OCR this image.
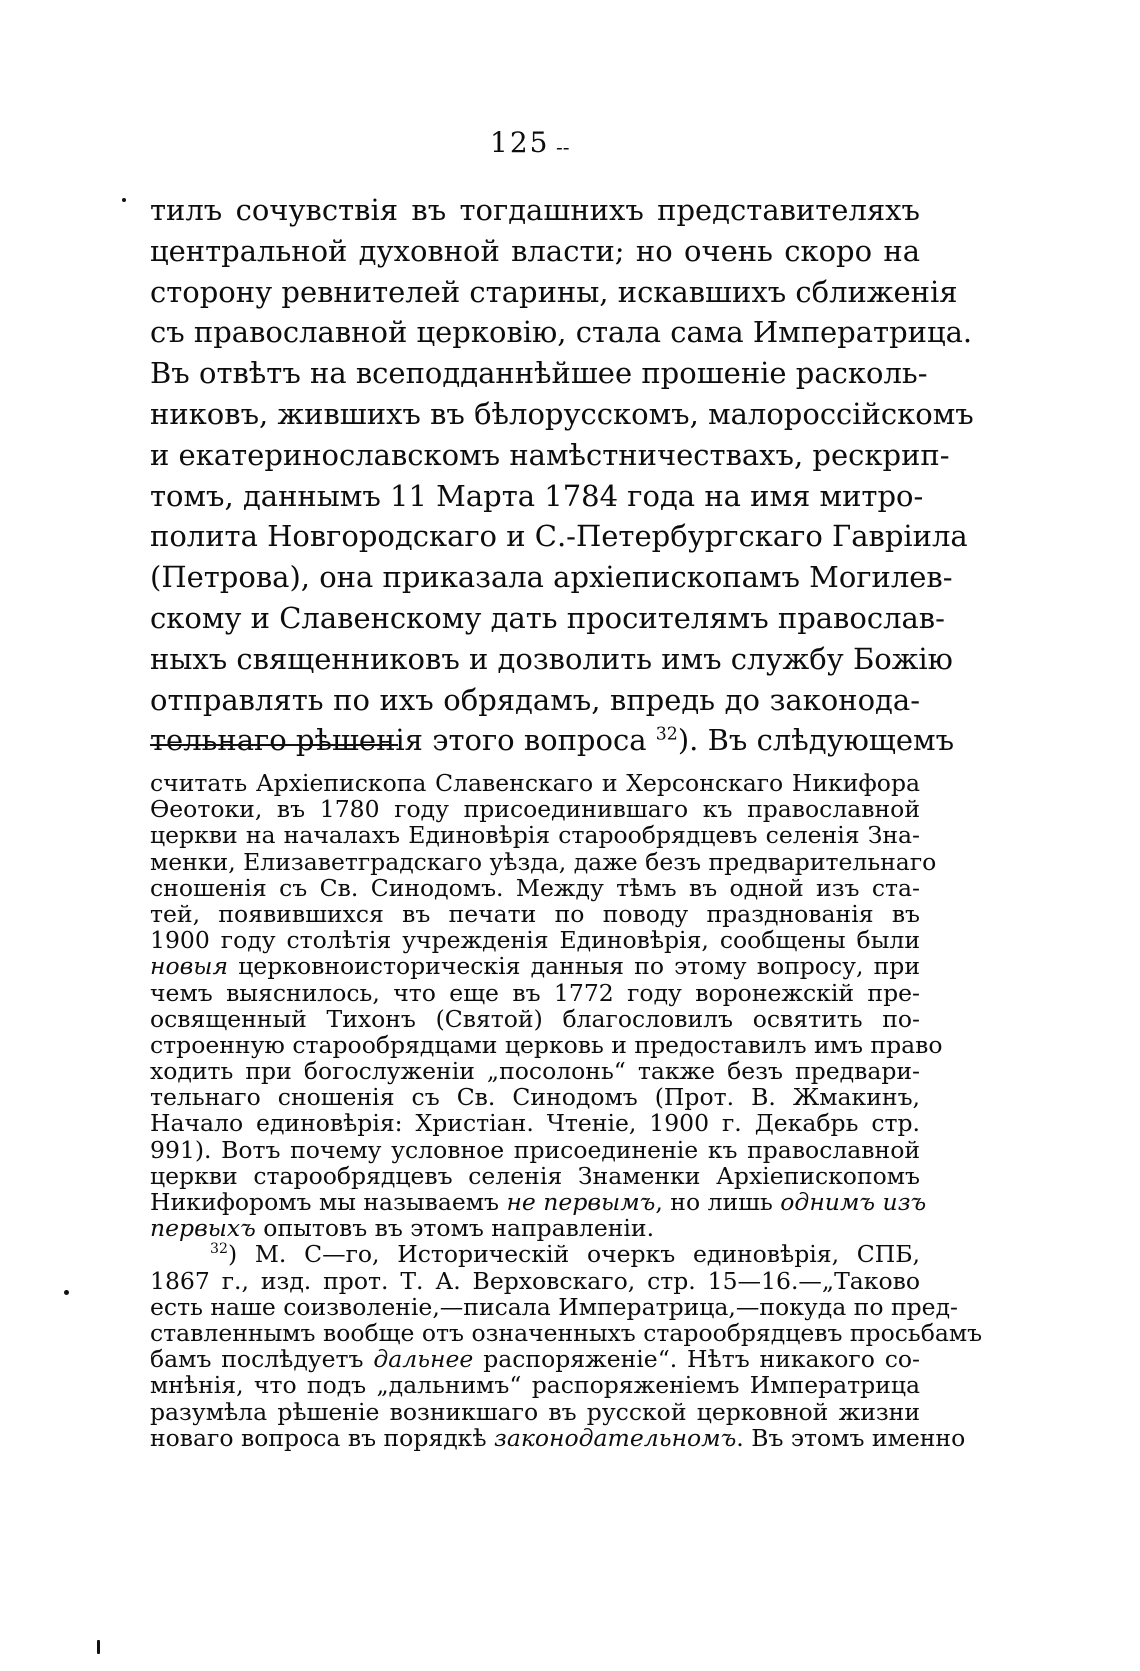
125 --
тилъ сочувствія въ тогдашнихъ представителяхъ
центральной духовной власти; но очень скоро на
сторону ревнителей старины, искавшихъ сближенія
съ православной церковію, стала сама Императрица.
Въ отвѣтъ на всеподданнѣйшее прошеніе расколь-
никовъ, жившихъ въ бѣлорусскомъ, малороссійскомъ
и екатеринославскомъ намѣстничествахъ, рескрип-
томъ, даннымъ 11 Марта 1784 года на имя митро-
полита Новгородскаго и С.-Петербургскаго Гавріила
(Петрова), она приказала архіепископамъ Могилев-
скому и Славенскому дать просителямъ православ-
ныхъ священниковъ и дозволить имъ службу Божію
отправлять по ихъ обрядамъ, впредь до законода-
тельнаго рѣшенія этого вопроса $^{32}$). Въ слѣдующемъ
считать Архіепископа Славенскаго и Херсонскаго Никифора
Ѳеотоки, въ 1780 году присоединившаго къ православной
церкви на началахъ Единовѣрія старообрядцевъ селенія Зна-
менки, Елизаветградскаго уѣзда, даже безъ предварительнаго
сношенія съ Св. Синодомъ. Между тѣмъ въ одной изъ ста-
тей, появившихся въ печати по поводу празднованія въ
1900 году столѣтія учрежденія Единовѣрія, сообщены были
новыя церковноисторическія данныя по этому вопросу, при
чемъ выяснилось, что еще въ 1772 году воронежскій пре-
освященный Тихонъ (Святой) благословилъ освятить по-
строенную старообрядцами церковь и предоставилъ имъ право
ходить при богослуженіи „посолонь“ также безъ предвари-
тельнаго сношенія съ Св. Синодомъ (Прот. В. Жмакинъ,
Начало единовѣрія: Христіан. Чтеніе, 1900 г. Декабрь стр.
991). Вотъ почему условное присоединеніе къ православной
церкви старообрядцевъ селенія Знаменки Архіепископомъ
Никифоромъ мы называемъ не первымъ, но лишь однимъ изъ
первыхъ опытовъ въ этомъ направленіи.
$^{32}$) М. С—го, Историческій очеркъ единовѣрія, СПБ,
1867 г., изд. прот. Т. А. Верховскаго, стр. 15—16.—„Таково
есть наше соизволеніе,—писала Императрица,—покуда по пред-
ставленнымъ вообще отъ означенныхъ старообрядцевъ просьбамъ
бамъ послѣдуетъ дальнее распоряженіе“. Нѣтъ никакого со-
мнѣнія, что подъ „дальнимъ“ распоряженіемъ Императрица
разумѣла рѣшеніе возникшаго въ русской церковной жизни
новаго вопроса въ порядкѣ законодательномъ. Въ этомъ именно
